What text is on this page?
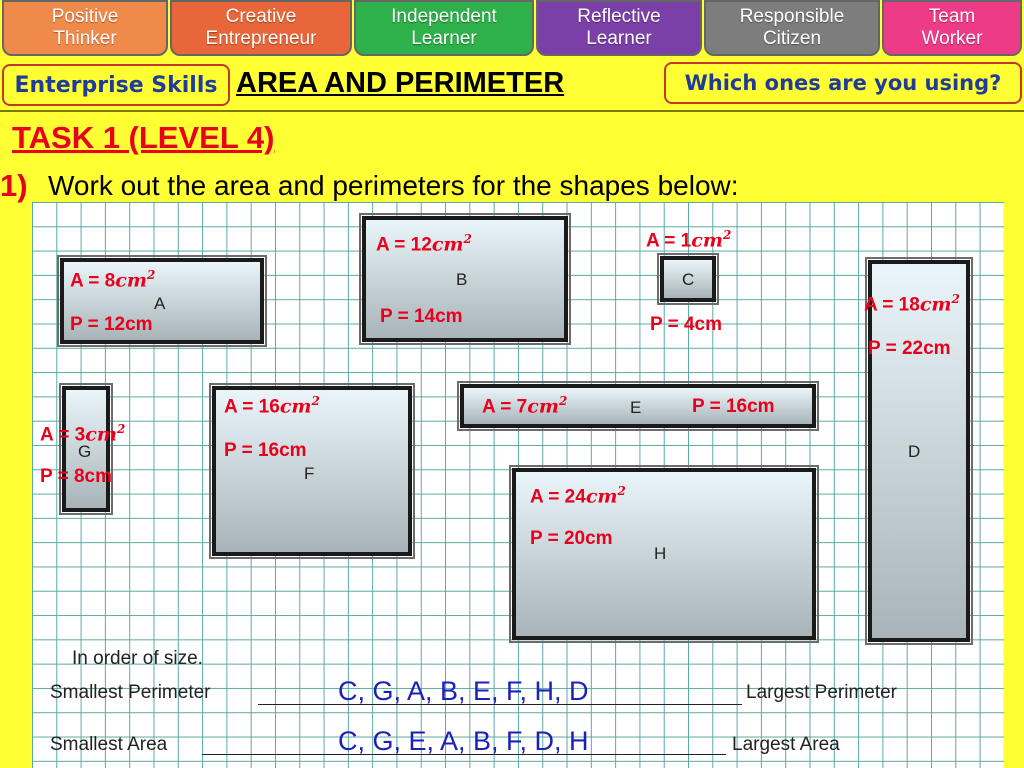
Positive
Thinker
Creative
Entrepreneur
Independent
Learner
Reflective
Learner
Responsible
Citizen
Team
Worker
Enterprise Skills AREA AND PERIMETER	Which ones are you using?
TASK 1 (LEVEL 4)
1) Work out the area and perimeters for the shapes below:
A
B	C
D
E
F
G
H
In order of size.
Smallest Perimeter	Largest Perimeter
Smallest Area	Largest Area
$A = 8cm^2$
P = 12cm
$A = 12cm^2$
P = 14cm
$A = 1cm^2$
P = 4cm
$A = 18cm^2$
P = 22cm
$A = 7cm^2$	P = 16cm
$A = 16cm^2$
P = 16cm
$A = 3cm^2$
P = 8cm
$A = 24cm^2$
P = 20cm
C, G, A, B, E, F, H, D
C, G, E, A, B, F, D, H
